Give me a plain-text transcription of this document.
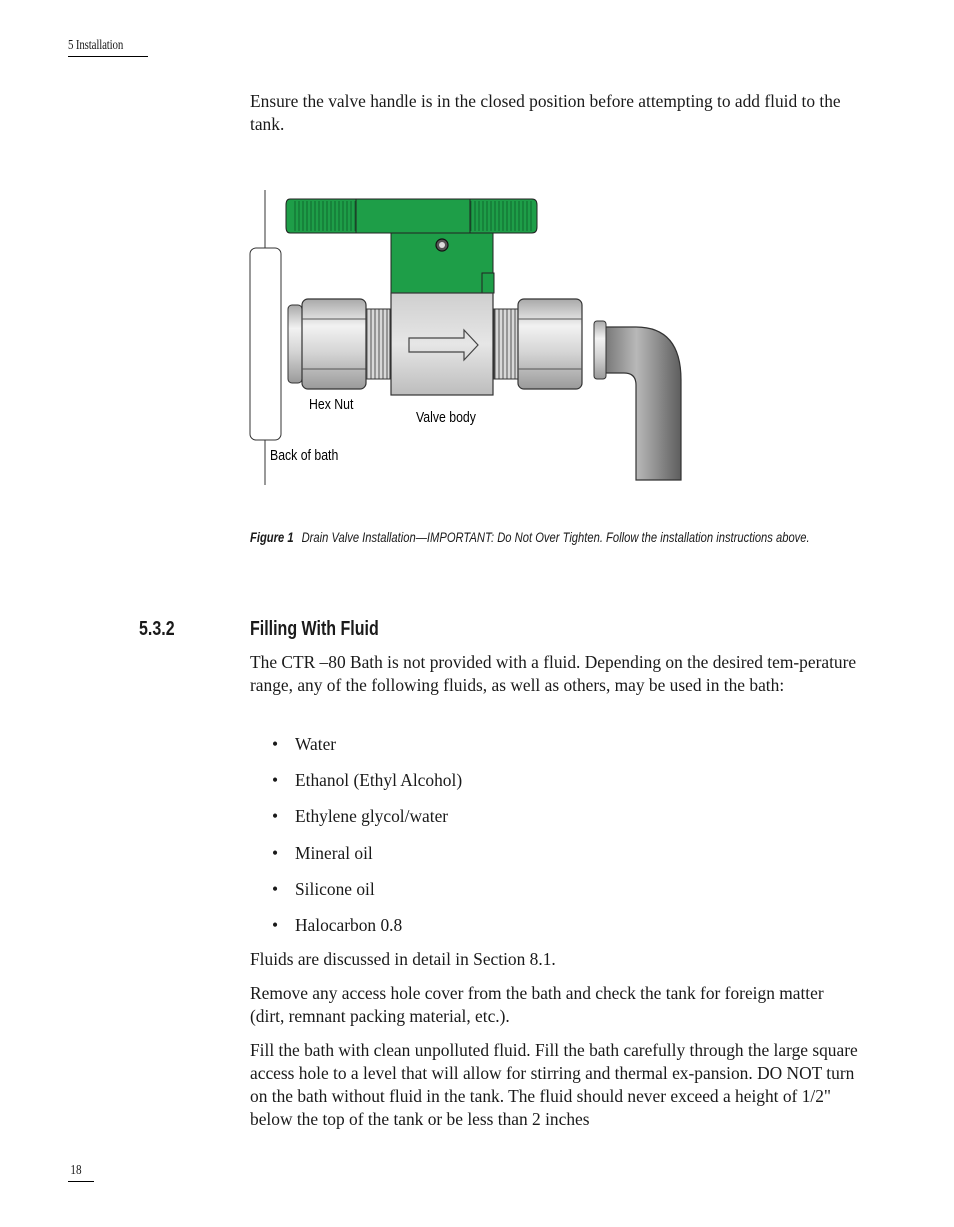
5 Installation

Ensure the valve handle is in the closed position before attempting to add fluid to the tank.

Hex Nut
Valve body
Back of bath
Figure 1 Drain Valve Installation—IMPORTANT: Do Not Over Tighten. Follow the installation instructions above.
5.3.2	Filling With Fluid

The CTR –80 Bath is not provided with a fluid. Depending on the desired tem-perature range, any of the following fluids, as well as others, may be used in the bath:

• Water
• Ethanol (Ethyl Alcohol)
• Ethylene glycol/water
• Mineral oil
• Silicone oil
• Halocarbon 0.8

Fluids are discussed in detail in Section 8.1.

Remove any access hole cover from the bath and check the tank for foreign matter (dirt, remnant packing material, etc.).

Fill the bath with clean unpolluted fluid. Fill the bath carefully through the large square access hole to a level that will allow for stirring and thermal ex-pansion. DO NOT turn on the bath without fluid in the tank. The fluid should never exceed a height of 1/2" below the top of the tank or be less than 2 inches

18
